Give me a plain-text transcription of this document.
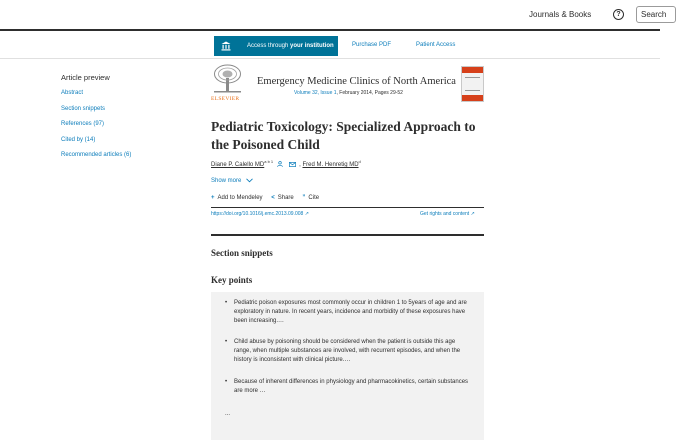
Journals & Books	?	Search
Access through your institution	Purchase PDF	Patient Access
Article preview
Abstract
Section snippets
References (97)
Cited by (14)
Recommended articles (6)
ELSEVIER
Emergency Medicine Clinics of North America
Volume 32, Issue 1, February 2014, Pages 29-52
Pediatric Toxicology: Specialized Approach to the Poisoned Child
Diane P. Calello $MD^{a b 1}$   , Fred M. Henretig $MD^d$
Show more
+ Add to Mendeley < Share ” Cite
https://doi.org/10.1016/j.emc.2013.09.008 ↗	Get rights and content ↗
Section snippets
Key points
• Pediatric poison exposures most commonly occur in children 1 to 5years of age and are exploratory in nature. In recent years, incidence and morbidity of these exposures have been increasing.…
• Child abuse by poisoning should be considered when the patient is outside this age range, when multiple substances are involved, with recurrent episodes, and when the history is inconsistent with clinical picture.…
• Because of inherent differences in physiology and pharmacokinetics, certain substances are more …
...
